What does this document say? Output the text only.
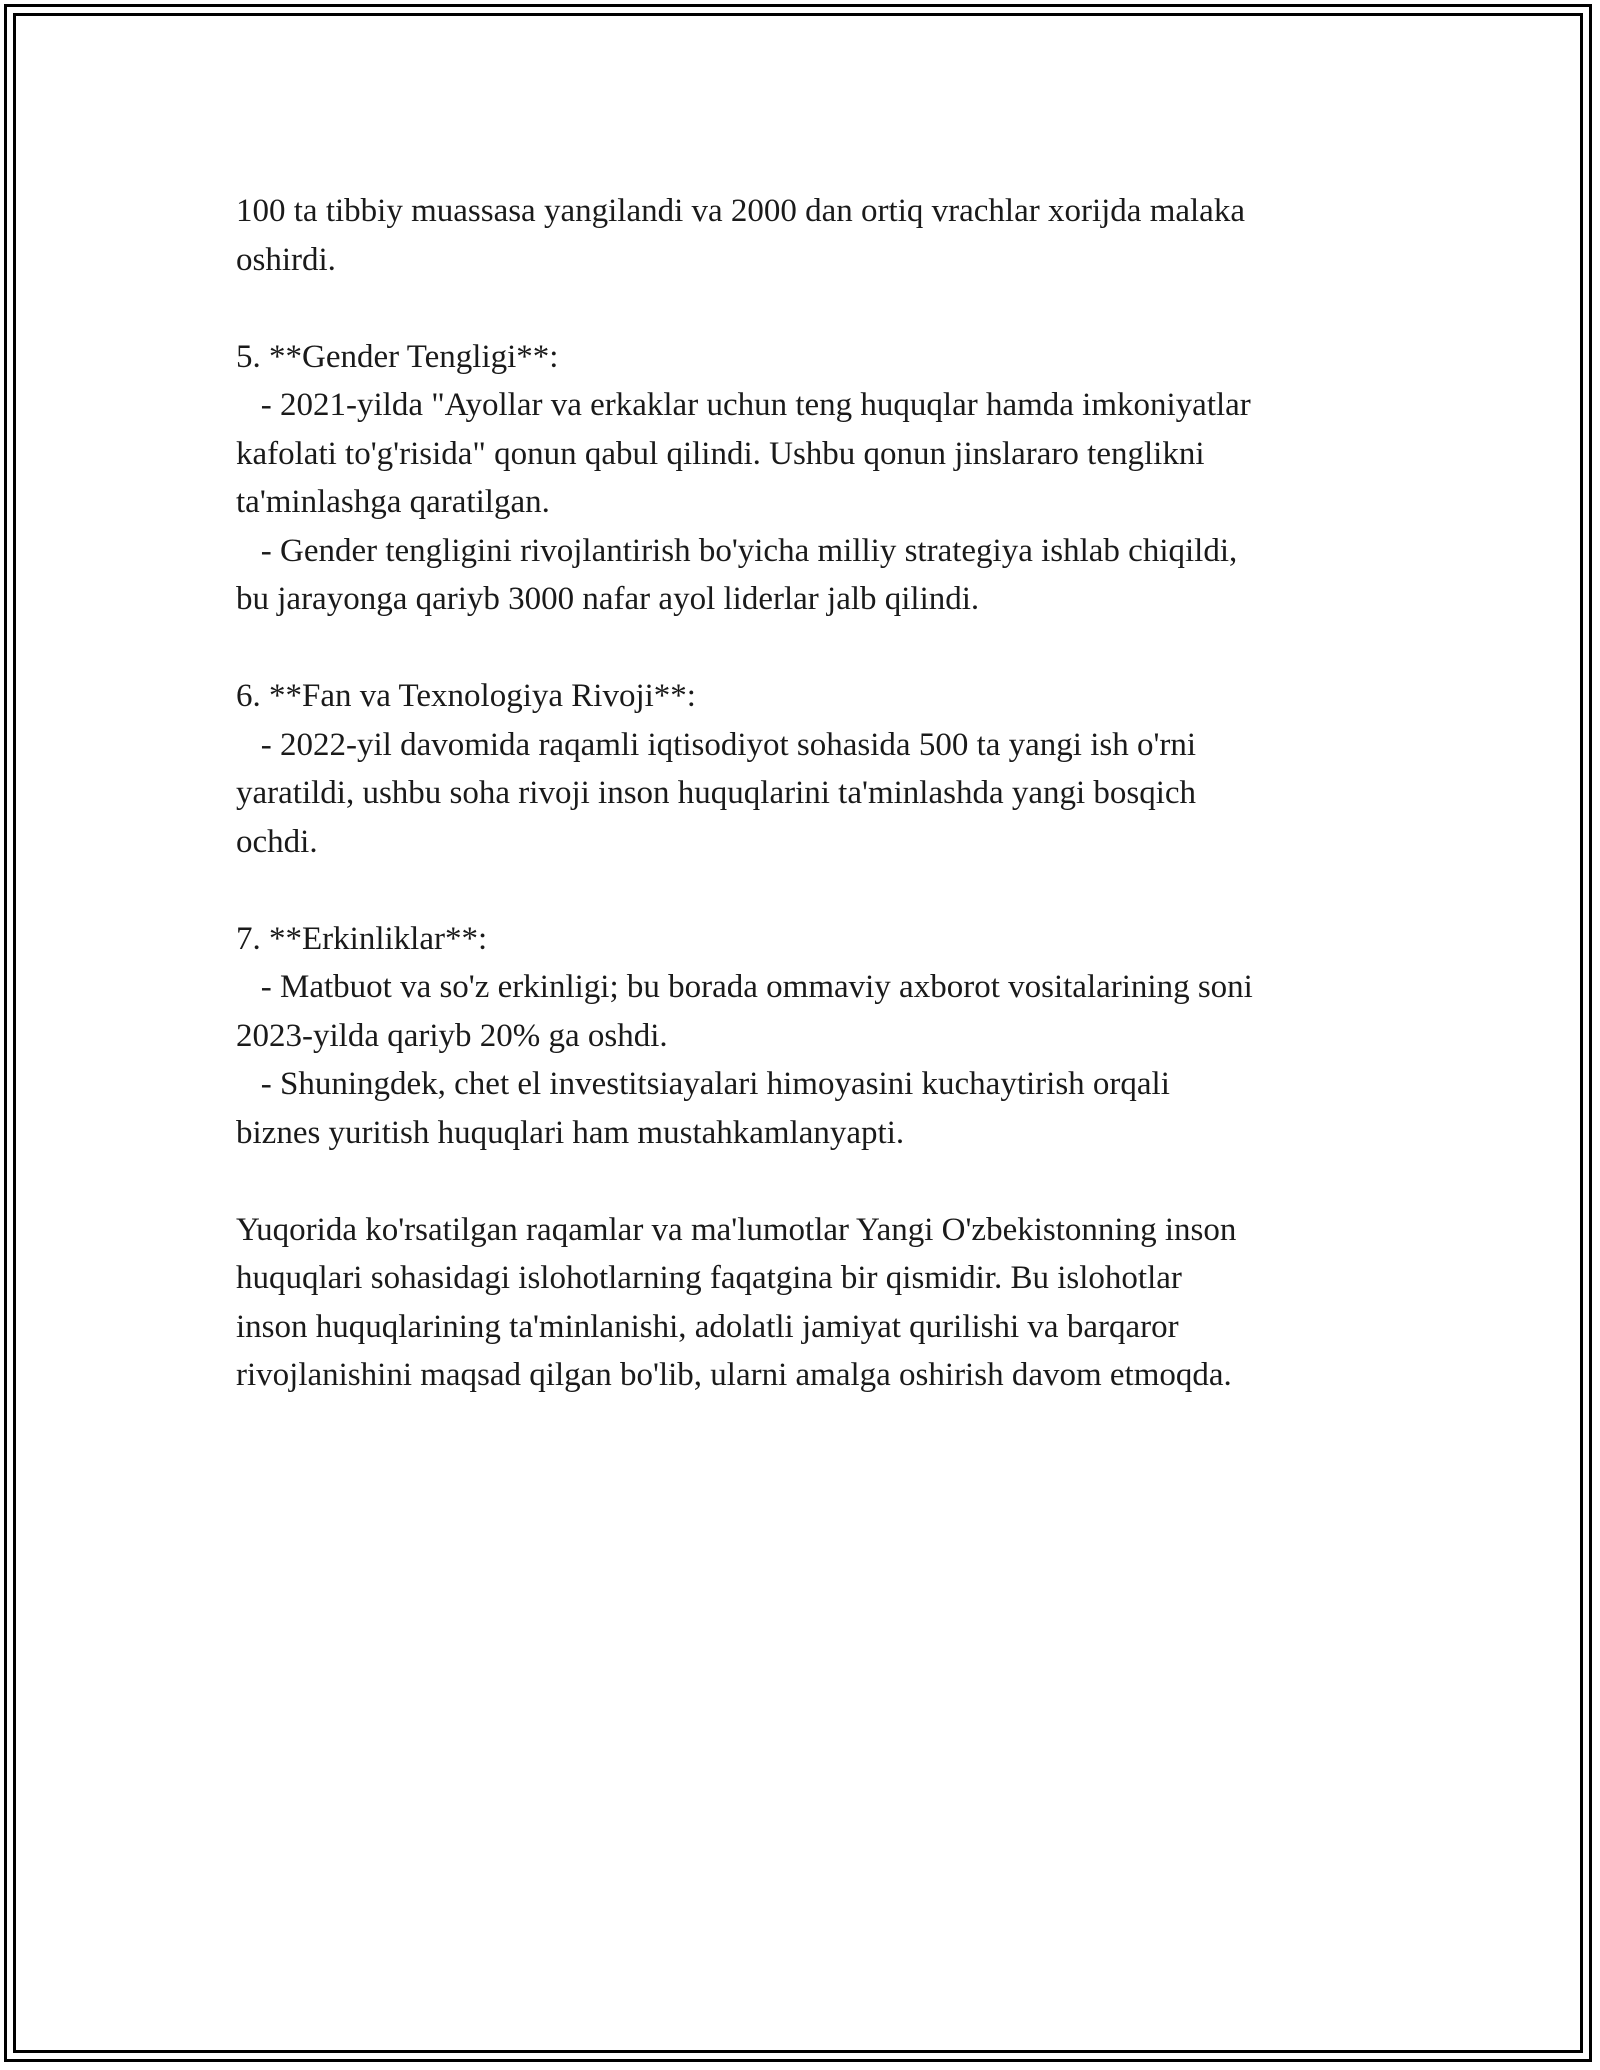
100 ta tibbiy muassasa yangilandi va 2000 dan ortiq vrachlar xorijda malaka
oshirdi.
5. **Gender Tengligi**:
- 2021-yilda "Ayollar va erkaklar uchun teng huquqlar hamda imkoniyatlar
kafolati to'g'risida" qonun qabul qilindi. Ushbu qonun jinslararo tenglikni
ta'minlashga qaratilgan.
- Gender tengligini rivojlantirish bo'yicha milliy strategiya ishlab chiqildi,
bu jarayonga qariyb 3000 nafar ayol liderlar jalb qilindi.
6. **Fan va Texnologiya Rivoji**:
- 2022-yil davomida raqamli iqtisodiyot sohasida 500 ta yangi ish o'rni
yaratildi, ushbu soha rivoji inson huquqlarini ta'minlashda yangi bosqich
ochdi.
7. **Erkinliklar**:
- Matbuot va so'z erkinligi; bu borada ommaviy axborot vositalarining soni
2023-yilda qariyb 20% ga oshdi.
- Shuningdek, chet el investitsiayalari himoyasini kuchaytirish orqali
biznes yuritish huquqlari ham mustahkamlanyapti.
Yuqorida ko'rsatilgan raqamlar va ma'lumotlar Yangi O'zbekistonning inson
huquqlari sohasidagi islohotlarning faqatgina bir qismidir. Bu islohotlar
inson huquqlarining ta'minlanishi, adolatli jamiyat qurilishi va barqaror
rivojlanishini maqsad qilgan bo'lib, ularni amalga oshirish davom etmoqda.
